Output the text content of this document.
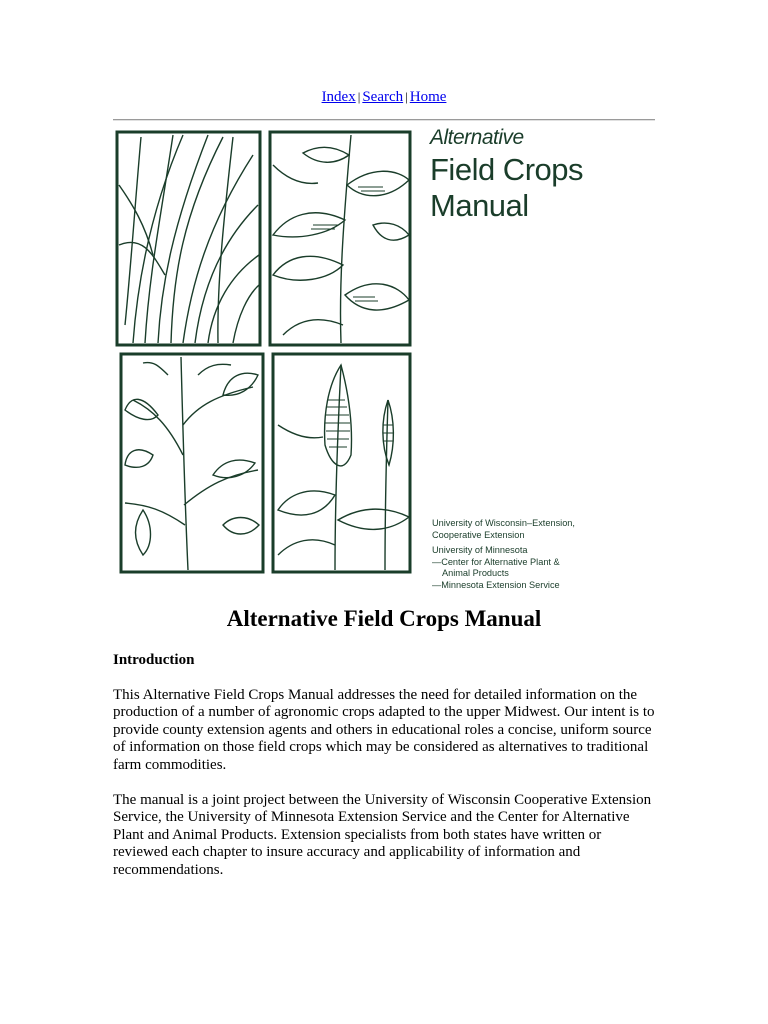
Index | Search | Home
Alternative
Field Crops
Manual
University of Wisconsin–Extension,
Cooperative Extension
University of Minnesota
—Center for Alternative Plant &
Animal Products
—Minnesota Extension Service
Alternative Field Crops Manual
Introduction

This Alternative Field Crops Manual addresses the need for detailed information on the production of a number of agronomic crops adapted to the upper Midwest. Our intent is to provide county extension agents and others in educational roles a concise, uniform source of information on those field crops which may be considered as alternatives to traditional farm commodities.

The manual is a joint project between the University of Wisconsin Cooperative Extension Service, the University of Minnesota Extension Service and the Center for Alternative Plant and Animal Products. Extension specialists from both states have written or reviewed each chapter to insure accuracy and applicability of information and recommendations.
